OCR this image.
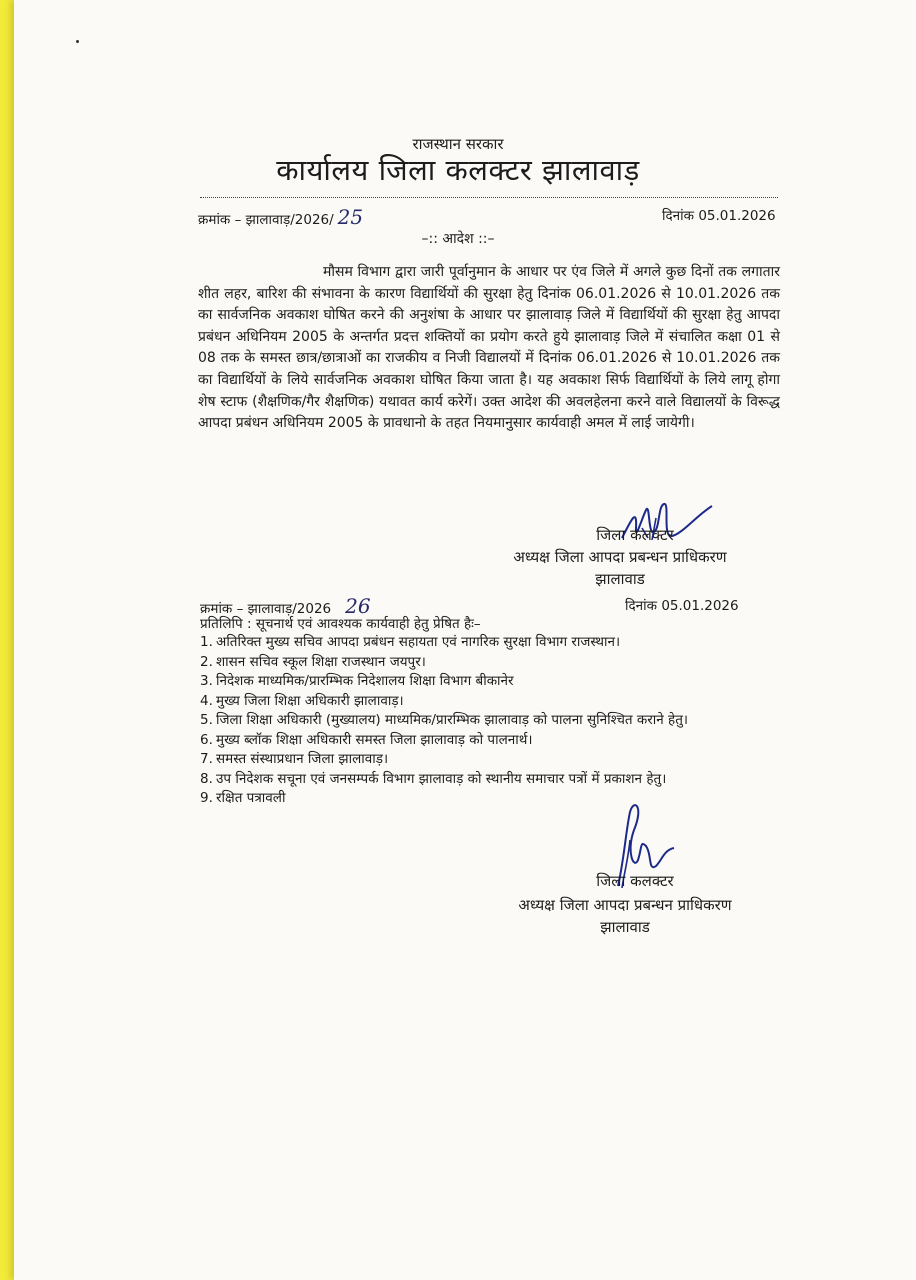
राजस्थान सरकार
कार्यालय जिला कलक्टर झालावाड़
क्रमांक – झालावाड़/2026/ 25	दिनांक 05.01.2026
–:: आदेश ::–
मौसम विभाग द्वारा जारी पूर्वानुमान के आधार पर एंव जिले में अगले कुछ दिनों तक लगातार शीत लहर, बारिश की संभावना के कारण विद्यार्थियों की सुरक्षा हेतु दिनांक 06.01.2026 से 10.01.2026 तक का सार्वजनिक अवकाश घोषित करने की अनुशंषा के आधार पर झालावाड़ जिले में विद्यार्थियों की सुरक्षा हेतु आपदा प्रबंधन अधिनियम 2005 के अन्तर्गत प्रदत्त शक्तियों का प्रयोग करते हुये झालावाड़ जिले में संचालित कक्षा 01 से 08 तक के समस्त छात्र/छात्राओं का राजकीय व निजी विद्यालयों में दिनांक 06.01.2026 से 10.01.2026 तक का विद्यार्थियों के लिये सार्वजनिक अवकाश घोषित किया जाता है। यह अवकाश सिर्फ विद्यार्थियों के लिये लागू होगा शेष स्टाफ (शैक्षणिक/गैर शैक्षणिक) यथावत कार्य करेगें। उक्त आदेश की अवलहेलना करने वाले विद्यालयों के विरूद्ध आपदा प्रबंधन अधिनियम 2005 के प्रावधानो के तहत नियमानुसार कार्यवाही अमल में लाई जायेगी।
जिला कलक्टर
अध्यक्ष जिला आपदा प्रबन्धन प्राधिकरण
झालावाड
क्रमांक – झालावाड़/2026 26	दिनांक 05.01.2026
प्रतिलिपि : सूचनार्थ एवं आवश्यक कार्यवाही हेतु प्रेषित हैः–
1. अतिरिक्त मुख्य सचिव आपदा प्रबंधन सहायता एवं नागरिक सुरक्षा विभाग राजस्थान।
2. शासन सचिव स्कूल शिक्षा राजस्थान जयपुर।
3. निदेशक माध्यमिक/प्रारम्भिक निदेशालय शिक्षा विभाग बीकानेर
4. मुख्य जिला शिक्षा अधिकारी झालावाड़।
5. जिला शिक्षा अधिकारी (मुख्यालय) माध्यमिक/प्रारम्भिक झालावाड़ को पालना सुनिश्चित कराने हेतु।
6. मुख्य ब्लॉक शिक्षा अधिकारी समस्त जिला झालावाड़ को पालनार्थ।
7. समस्त संस्थाप्रधान जिला झालावाड़।
8. उप निदेशक सचूना एवं जनसम्पर्क विभाग झालावाड़ को स्थानीय समाचार पत्रों में प्रकाशन हेतु।
9. रक्षित पत्रावली
जिला कलक्टर
अध्यक्ष जिला आपदा प्रबन्धन प्राधिकरण
झालावाड
